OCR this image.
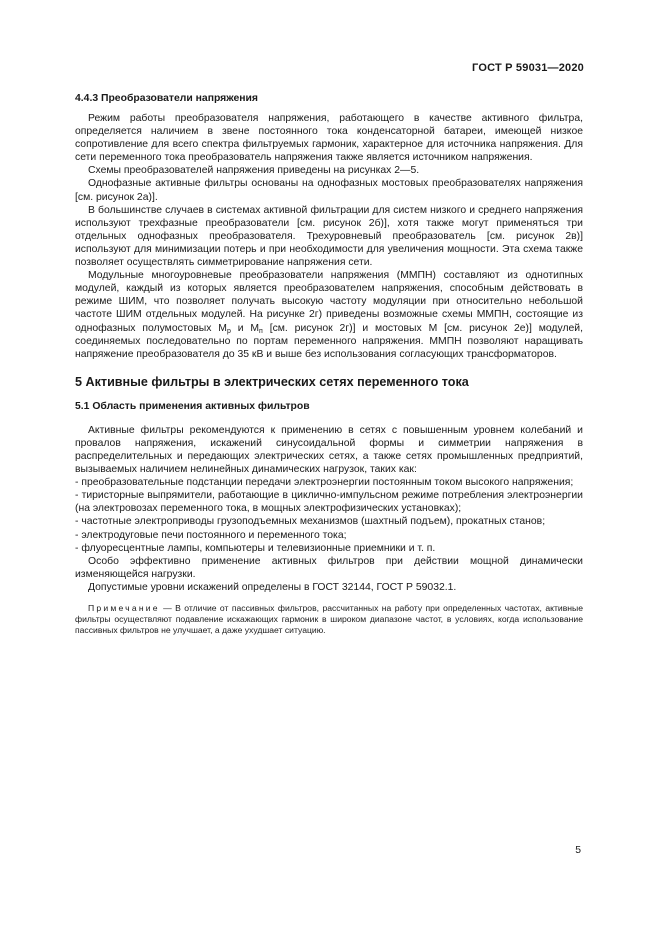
ГОСТ Р 59031—2020
4.4.3 Преобразователи напряжения

Режим работы преобразователя напряжения, работающего в качестве активного фильтра, определяется наличием в звене постоянного тока конденсаторной батареи, имеющей низкое сопротивление для всего спектра фильтруемых гармоник, характерное для источника напряжения. Для сети переменного тока преобразователь напряжения также является источником напряжения.

Схемы преобразователей напряжения приведены на рисунках 2—5.

Однофазные активные фильтры основаны на однофазных мостовых преобразователях напряжения [см. рисунок 2а)].

В большинстве случаев в системах активной фильтрации для систем низкого и среднего напряжения используют трехфазные преобразователи [см. рисунок 2б)], хотя также могут применяться три отдельных однофазных преобразователя. Трехуровневый преобразователь [см. рисунок 2в)] используют для минимизации потерь и при необходимости для увеличения мощности. Эта схема также позволяет осуществлять симметрирование напряжения сети.

Модульные многоуровневые преобразователи напряжения (ММПН) составляют из однотипных модулей, каждый из которых является преобразователем напряжения, способным действовать в режиме ШИМ, что позволяет получать высокую частоту модуляции при относительно небольшой частоте ШИМ отдельных модулей. На рисунке 2г) приведены возможные схемы ММПН, состоящие из однофазных полумостовых $M_p$ и $M_п$ [см. рисунок 2г)] и мостовых M [см. рисунок 2е)] модулей, соединяемых последовательно по портам переменного напряжения. ММПН позволяют наращивать напряжение преобразователя до 35 кВ и выше без использования согласующих трансформаторов.

5 Активные фильтры в электрических сетях переменного тока
5.1 Область применения активных фильтров

Активные фильтры рекомендуются к применению в сетях с повышенным уровнем колебаний и провалов напряжения, искажений синусоидальной формы и симметрии напряжения в распределительных и передающих электрических сетях, а также сетях промышленных предприятий, вызываемых наличием нелинейных динамических нагрузок, таких как:

- преобразовательные подстанции передачи электроэнергии постоянным током высокого напряжения;

- тиристорные выпрямители, работающие в циклично-импульсном режиме потребления электроэнергии (на электровозах переменного тока, в мощных электрофизических установках);

- частотные электроприводы грузоподъемных механизмов (шахтный подъем), прокатных станов;

- электродуговые печи постоянного и переменного тока;

- флуоресцентные лампы, компьютеры и телевизионные приемники и т. п.

Особо эффективно применение активных фильтров при действии мощной динамически изменяющейся нагрузки.

Допустимые уровни искажений определены в ГОСТ 32144, ГОСТ Р 59032.1.

Примечание — В отличие от пассивных фильтров, рассчитанных на работу при определенных частотах, активные фильтры осуществляют подавление искажающих гармоник в широком диапазоне частот, в условиях, когда использование пассивных фильтров не улучшает, а даже ухудшает ситуацию.

5
